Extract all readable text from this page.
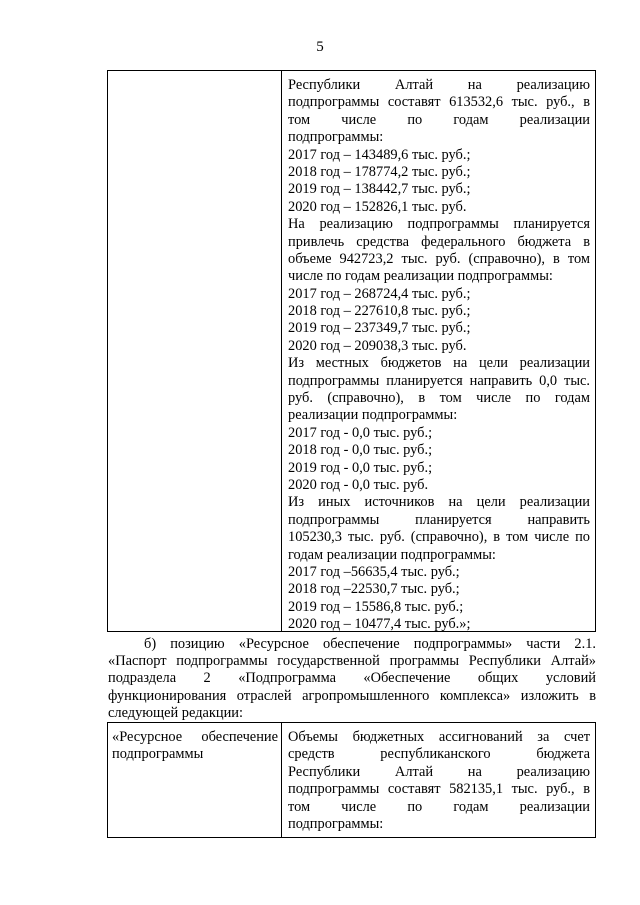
5
Республики Алтай на реализацию
подпрограммы составят 613532,6 тыс. руб., в
том числе по годам реализации
подпрограммы:
2017 год – 143489,6 тыс. руб.;
2018 год – 178774,2 тыс. руб.;
2019 год – 138442,7 тыс. руб.;
2020 год – 152826,1 тыс. руб.
На реализацию подпрограммы планируется
привлечь средства федерального бюджета в
объеме 942723,2 тыс. руб. (справочно), в том
числе по годам реализации подпрограммы:
2017 год – 268724,4 тыс. руб.;
2018 год – 227610,8 тыс. руб.;
2019 год – 237349,7 тыс. руб.;
2020 год – 209038,3 тыс. руб.
Из местных бюджетов на цели реализации
подпрограммы планируется направить 0,0 тыс.
руб. (справочно), в том числе по годам
реализации подпрограммы:
2017 год - 0,0 тыс. руб.;
2018 год - 0,0 тыс. руб.;
2019 год - 0,0 тыс. руб.;
2020 год - 0,0 тыс. руб.
Из иных источников на цели реализации
подпрограммы планируется направить
105230,3 тыс. руб. (справочно), в том числе по
годам реализации подпрограммы:
2017 год –56635,4 тыс. руб.;
2018 год –22530,7 тыс. руб.;
2019 год – 15586,8 тыс. руб.;
2020 год – 10477,4 тыс. руб.»;
б) позицию «Ресурсное обеспечение подпрограммы» части 2.1.
«Паспорт подпрограммы государственной программы Республики Алтай»
подраздела 2 «Подпрограмма «Обеспечение общих условий
функционирования отраслей агропромышленного комплекса» изложить в
следующей редакции:
«Ресурсное обеспечение
подпрограммы
Объемы бюджетных ассигнований за счет
средств республиканского бюджета
Республики Алтай на реализацию
подпрограммы составят 582135,1 тыс. руб., в
том числе по годам реализации
подпрограммы:
